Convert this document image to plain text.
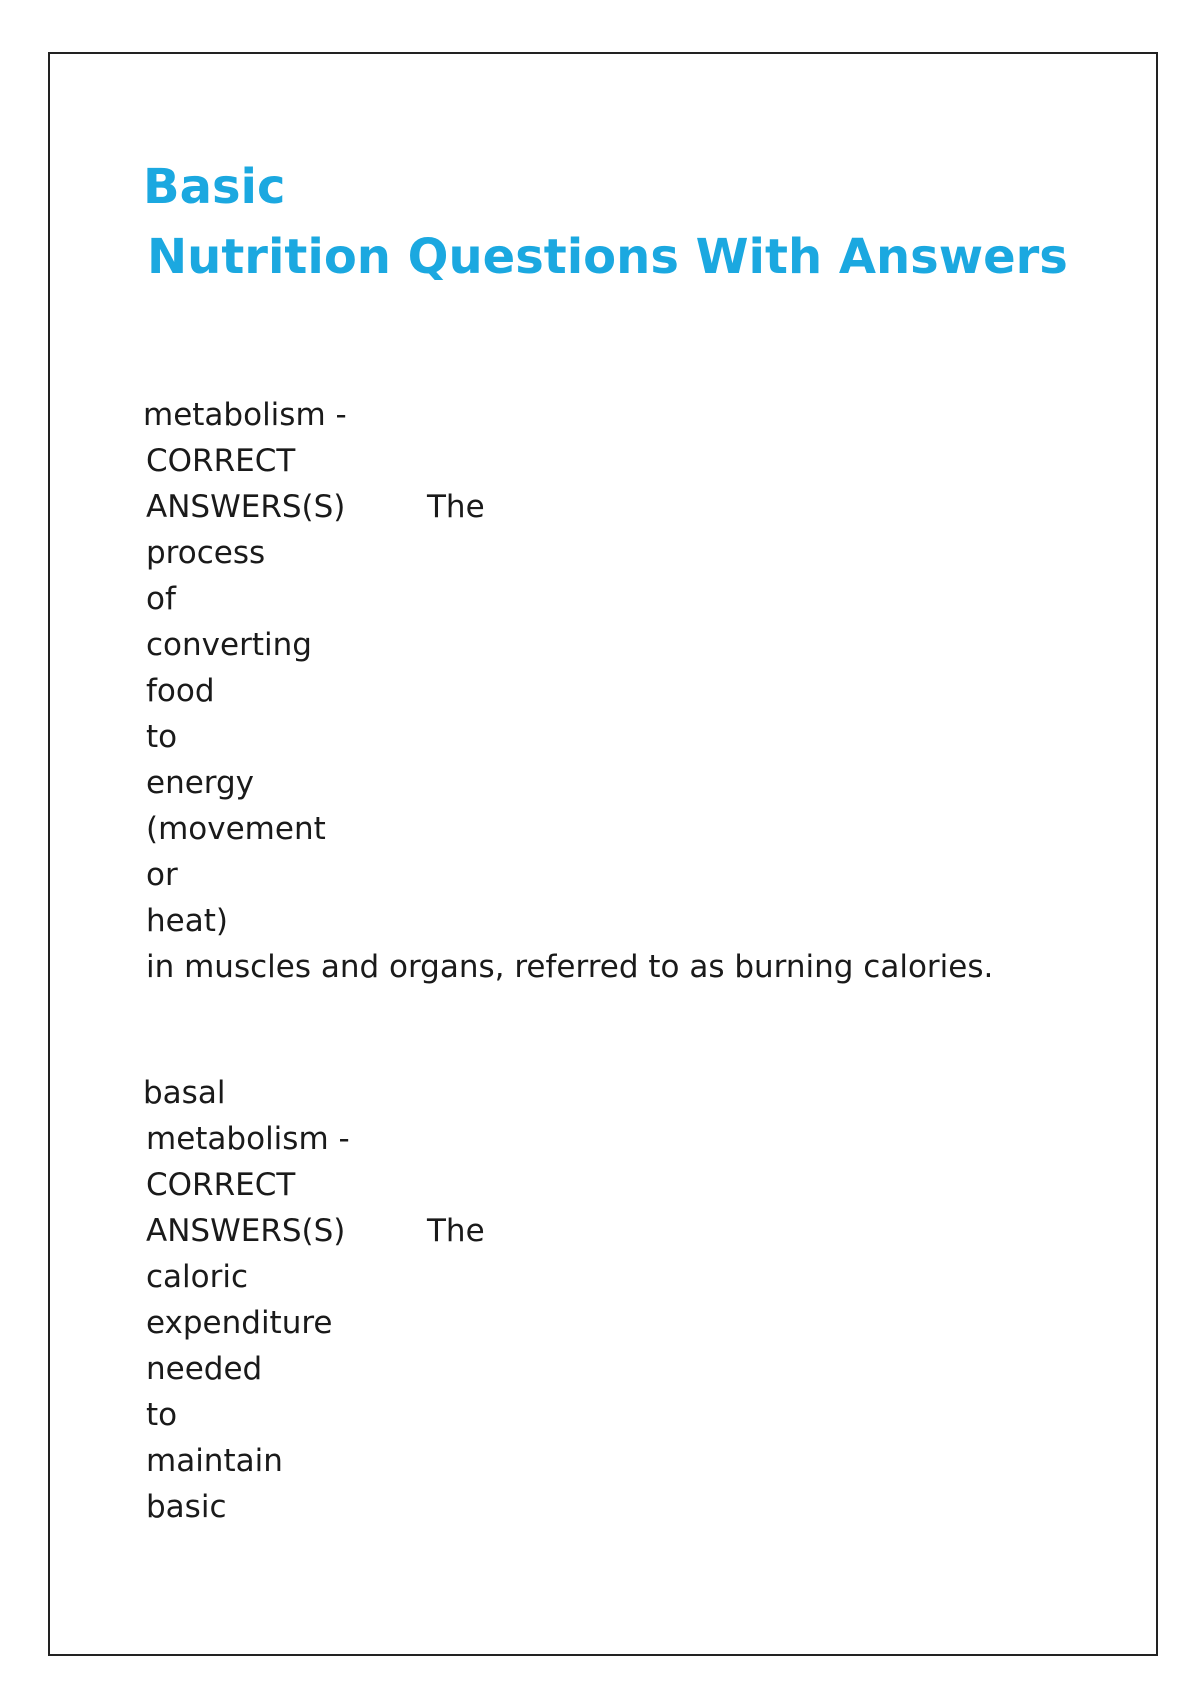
Basic
Nutrition Questions With Answers
metabolism -
CORRECT
ANSWERS(S)	The
process
of
converting
food
to
energy
(movement
or
heat)
in muscles and organs, referred to as burning calories.
basal
metabolism -
CORRECT
ANSWERS(S)	The
caloric
expenditure
needed
to
maintain
basic
